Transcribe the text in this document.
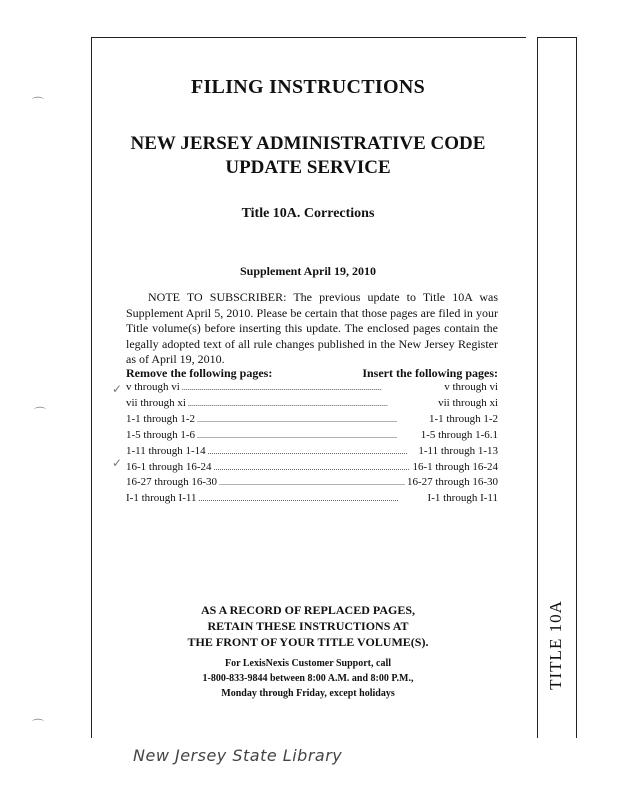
TITLE 10A
FILING INSTRUCTIONS
NEW JERSEY ADMINISTRATIVE CODE
UPDATE SERVICE
Title 10A. Corrections
Supplement April 19, 2010
NOTE TO SUBSCRIBER: The previous update to Title 10A was Supplement April 5, 2010. Please be certain that those pages are filed in your Title volume(s) before inserting this update. The enclosed pages contain the legally adopted text of all rule changes published in the New Jersey Register as of April 19, 2010.
Remove the following pages:	Insert the following pages:
v through vi . . .	v through vi
vii through xi . . .	vii through xi
1-1 through 1-2 . . .	1-1 through 1-2
1-5 through 1-6 . . .	1-5 through 1-6.1
1-11 through 1-14 . . .	1-11 through 1-13
16-1 through 16-24 . . .	16-1 through 16-24
16-27 through 16-30 . . .	16-27 through 16-30
I-1 through I-11 . . .	I-1 through I-11
AS A RECORD OF REPLACED PAGES,
RETAIN THESE INSTRUCTIONS AT
THE FRONT OF YOUR TITLE VOLUME(S).
For LexisNexis Customer Support, call
1-800-833-9844 between 8:00 A.M. and 8:00 P.M.,
Monday through Friday, except holidays
New Jersey State Library
⌒
⌒
⌒
✓
✓
